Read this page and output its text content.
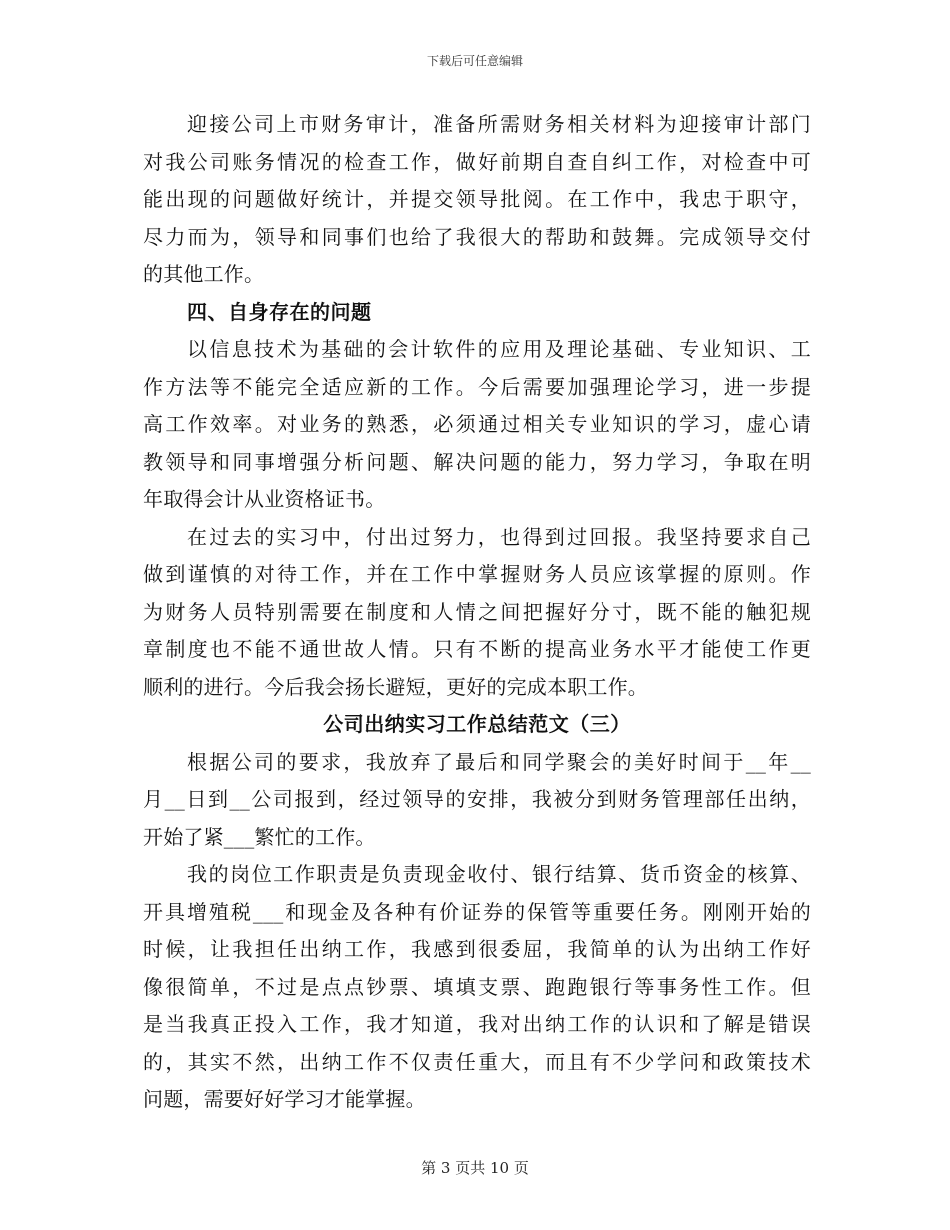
下载后可任意编辑
迎接公司上市财务审计，准备所需财务相关材料为迎接审计部门
对我公司账务情况的检查工作，做好前期自查自纠工作，对检查中可
能出现的问题做好统计，并提交领导批阅。在工作中，我忠于职守，
尽力而为，领导和同事们也给了我很大的帮助和鼓舞。完成领导交付
的其他工作。
四、自身存在的问题
以信息技术为基础的会计软件的应用及理论基础、专业知识、工
作方法等不能完全适应新的工作。今后需要加强理论学习，进一步提
高工作效率。对业务的熟悉，必须通过相关专业知识的学习，虚心请
教领导和同事增强分析问题、解决问题的能力，努力学习，争取在明
年取得会计从业资格证书。
在过去的实习中，付出过努力，也得到过回报。我坚持要求自己
做到谨慎的对待工作，并在工作中掌握财务人员应该掌握的原则。作
为财务人员特别需要在制度和人情之间把握好分寸，既不能的触犯规
章制度也不能不通世故人情。只有不断的提高业务水平才能使工作更
顺利的进行。今后我会扬长避短，更好的完成本职工作。
公司出纳实习工作总结范文（三）
根据公司的要求，我放弃了最后和同学聚会的美好时间于__年__
月__日到__公司报到，经过领导的安排，我被分到财务管理部任出纳，
开始了紧___繁忙的工作。
我的岗位工作职责是负责现金收付、银行结算、货币资金的核算、
开具增殖税___和现金及各种有价证券的保管等重要任务。刚刚开始的
时候，让我担任出纳工作，我感到很委屈，我简单的认为出纳工作好
像很简单，不过是点点钞票、填填支票、跑跑银行等事务性工作。但
是当我真正投入工作，我才知道，我对出纳工作的认识和了解是错误
的，其实不然，出纳工作不仅责任重大，而且有不少学问和政策技术
问题，需要好好学习才能掌握。
第 3 页共 10 页
